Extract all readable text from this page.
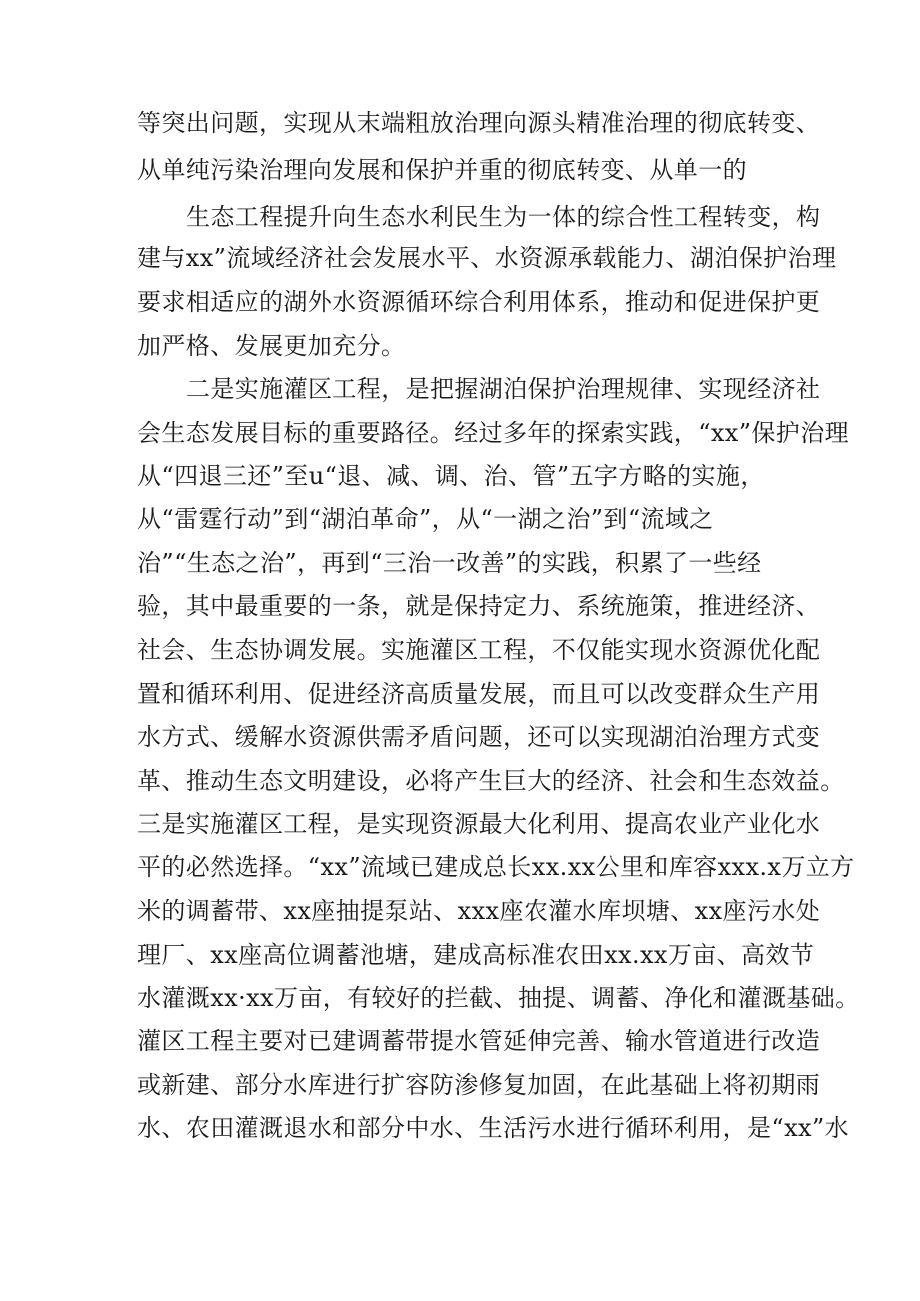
等突出问题，实现从末端粗放治理向源头精准治理的彻底转变、
从单纯污染治理向发展和保护并重的彻底转变、从单一的
生态工程提升向生态水利民生为一体的综合性工程转变，构
建与xx”流域经济社会发展水平、水资源承载能力、湖泊保护治理
要求相适应的湖外水资源循环综合利用体系，推动和促进保护更
加严格、发展更加充分。
二是实施灌区工程，是把握湖泊保护治理规律、实现经济社
会生态发展目标的重要路径。经过多年的探索实践，“xx”保护治理
从“四退三还”至u“退、减、调、治、管”五字方略的实施，
从“雷霆行动”到“湖泊革命”，从“一湖之治”到“流域之
治”“生态之治”，再到“三治一改善”的实践，积累了一些经
验，其中最重要的一条，就是保持定力、系统施策，推进经济、
社会、生态协调发展。实施灌区工程，不仅能实现水资源优化配
置和循环利用、促进经济高质量发展，而且可以改变群众生产用
水方式、缓解水资源供需矛盾问题，还可以实现湖泊治理方式变
革、推动生态文明建设，必将产生巨大的经济、社会和生态效益。
三是实施灌区工程，是实现资源最大化利用、提高农业产业化水
平的必然选择。“xx”流域已建成总长xx.xx公里和库容xxx.x万立方
米的调蓄带、xx座抽提泵站、xxx座农灌水库坝塘、xx座污水处
理厂、xx座高位调蓄池塘，建成高标准农田xx.xx万亩、高效节
水灌溉xx·xx万亩，有较好的拦截、抽提、调蓄、净化和灌溉基础。
灌区工程主要对已建调蓄带提水管延伸完善、输水管道进行改造
或新建、部分水库进行扩容防渗修复加固，在此基础上将初期雨
水、农田灌溉退水和部分中水、生活污水进行循环利用，是“xx”水
